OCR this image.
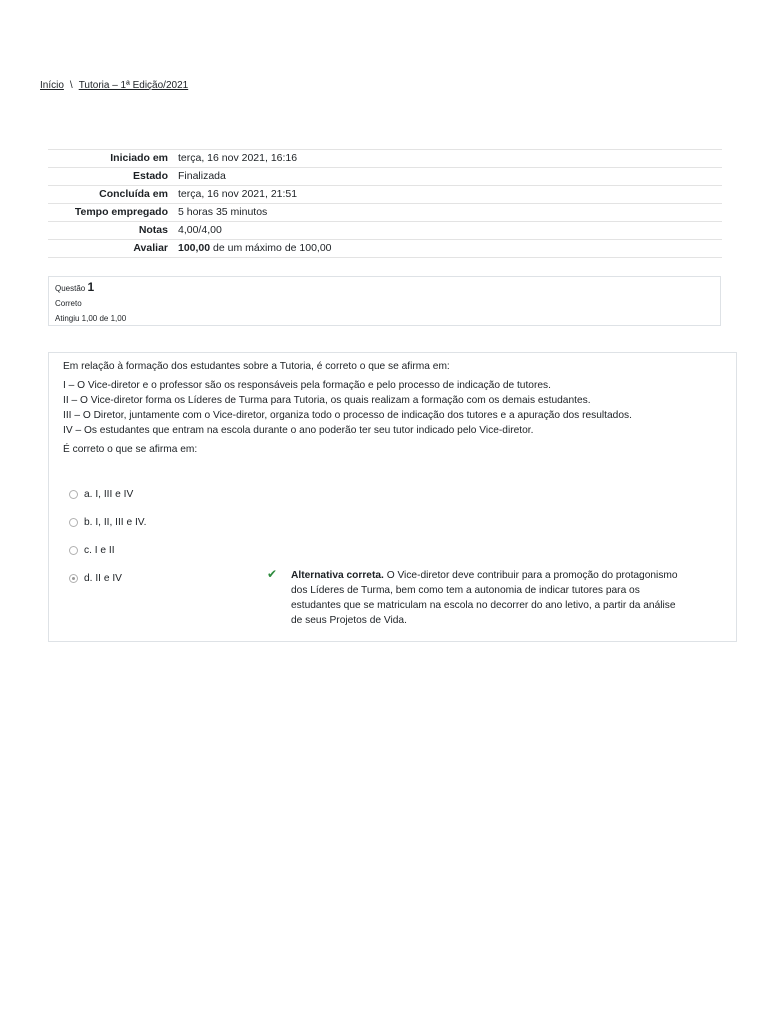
Início \ Tutoria – 1ª Edição/2021
Iniciado em	terça, 16 nov 2021, 16:16
Estado	Finalizada
Concluída em	terça, 16 nov 2021, 21:51
Tempo empregado	5 horas 35 minutos
Notas	4,00/4,00
Avaliar	100,00 de um máximo de 100,00
Questão 1
Correto
Atingiu 1,00 de 1,00

Em relação à formação dos estudantes sobre a Tutoria, é correto o que se afirma em:

I – O Vice-diretor e o professor são os responsáveis pela formação e pelo processo de indicação de tutores.

II – O Vice-diretor forma os Líderes de Turma para Tutoria, os quais realizam a formação com os demais estudantes.

III – O Diretor, juntamente com o Vice-diretor, organiza todo o processo de indicação dos tutores e a apuração dos resultados.

IV – Os estudantes que entram na escola durante o ano poderão ter seu tutor indicado pelo Vice-diretor.

É correto o que se afirma em:

a. I, III e IV
b. I, II, III e IV.
c. I e II
d. II e IV	✔ Alternativa correta. O Vice-diretor deve contribuir para a promoção do protagonismo dos Líderes de Turma, bem como tem a autonomia de indicar tutores para os estudantes que se matriculam na escola no decorrer do ano letivo, a partir da análise de seus Projetos de Vida.
